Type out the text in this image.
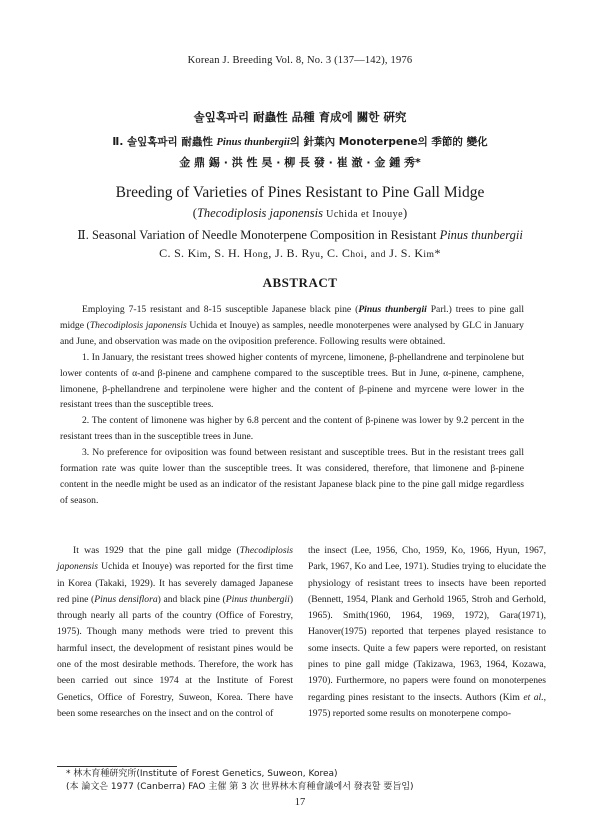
Korean J. Breeding Vol. 8, No. 3 (137—142), 1976
솔잎혹파리 耐蟲性 品種 育成에 關한 硏究
Ⅱ. 솔잎혹파리 耐蟲性 Pinus thunbergii의 針葉內 Monoterpene의 季節的 變化
金 鼎 錫 · 洪 性 昊 · 柳 長 發 · 崔 澈 · 金 鍾 秀*
Breeding of Varieties of Pines Resistant to Pine Gall Midge
(Thecodiplosis japonensis Uchida et Inouye)
Ⅱ. Seasonal Variation of Needle Monoterpene Composition in Resistant Pinus thunbergii
C. S. Kim, S. H. Hong, J. B. Ryu, C. Choi, and J. S. Kim*
ABSTRACT

Employing 7-15 resistant and 8-15 susceptible Japanese black pine (Pinus thunbergii Parl.) trees to pine gall midge (Thecodiplosis japonensis Uchida et Inouye) as samples, needle monoterpenes were analysed by GLC in January and June, and observation was made on the oviposition preference. Following results were obtained.

1. In January, the resistant trees showed higher contents of myrcene, limonene, β-phellandrene and terpinolene but lower contents of α-and β-pinene and camphene compared to the susceptible trees. But in June, α-pinene, camphene, limonene, β-phellandrene and terpinolene were higher and the content of β-pinene and myrcene were lower in the resistant trees than the susceptible trees.

2. The content of limonene was higher by 6.8 percent and the content of β-pinene was lower by 9.2 percent in the resistant trees than in the susceptible trees in June.

3. No preference for oviposition was found between resistant and susceptible trees. But in the resistant trees gall formation rate was quite lower than the susceptible trees. It was considered, therefore, that limonene and β-pinene content in the needle might be used as an indicator of the resistant Japanese black pine to the pine gall midge regardless of season.

It was 1929 that the pine gall midge (Thecodiplosis japonensis Uchida et Inouye) was reported for the first time in Korea (Takaki, 1929). It has severely damaged Japanese red pine (Pinus densiflora) and black pine (Pinus thunbergii) through nearly all parts of the country (Office of Forestry, 1975). Though many methods were tried to prevent this harmful insect, the development of resistant pines would be one of the most desirable methods. Therefore, the work has been carried out since 1974 at the Institute of Forest Genetics, Office of Forestry, Suweon, Korea. There have been some researches on the insect and on the control of

the insect (Lee, 1956, Cho, 1959, Ko, 1966, Hyun, 1967, Park, 1967, Ko and Lee, 1971). Studies trying to elucidate the physiology of resistant trees to insects have been reported (Bennett, 1954, Plank and Gerhold 1965, Stroh and Gerhold, 1965). Smith(1960, 1964, 1969, 1972), Gara(1971), Hanover(1975) reported that terpenes played resistance to some insects. Quite a few papers were reported, on resistant pines to pine gall midge (Takizawa, 1963, 1964, Kozawa, 1970). Furthermore, no papers were found on monoterpenes regarding pines resistant to the insects. Authors (Kim et al., 1975) reported some results on monoterpene compo-

* 林木育種硏究所(Institute of Forest Genetics, Suweon, Korea)
(本 論文은 1977 (Canberra) FAO 主催 第 3 次 世界林木育種會議에서 發表할 要旨임)
17
